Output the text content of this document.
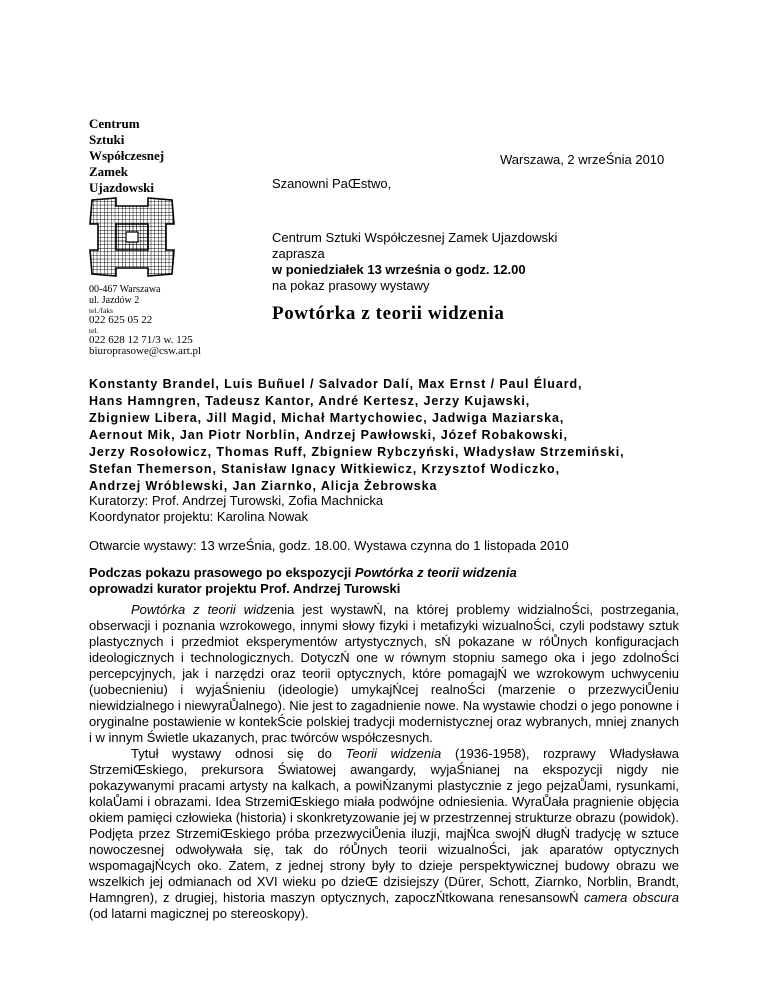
Centrum
Sztuki
Współczesnej
Zamek
Ujazdowski
00-467 Warszawa
ul. Jazdów 2
tel./faks
022 625 05 22
tel.
022 628 12 71/3 w. 125
biuroprasowe@csw.art.pl
Warszawa, 2 wrzeŚnia 2010
Szanowni PaŒstwo,
Centrum Sztuki Współczesnej Zamek Ujazdowski
zaprasza
w poniedziałek 13 września o godz. 12.00
na pokaz prasowy wystawy
Powtórka z teorii widzenia
Konstanty Brandel, Luis Buñuel / Salvador Dalí, Max Ernst / Paul Éluard,
Hans Hamngren, Tadeusz Kantor, André Kertesz, Jerzy Kujawski,
Zbigniew Libera, Jill Magid, Michał Martychowiec, Jadwiga Maziarska,
Aernout Mik, Jan Piotr Norblin, Andrzej Pawłowski, Józef Robakowski,
Jerzy Rosołowicz, Thomas Ruff, Zbigniew Rybczyński, Władysław Strzemiński,
Stefan Themerson, Stanisław Ignacy Witkiewicz, Krzysztof Wodiczko,
Andrzej Wróblewski, Jan Ziarnko, Alicja Żebrowska
Kuratorzy: Prof. Andrzej Turowski, Zofia Machnicka
Koordynator projektu: Karolina Nowak
Otwarcie wystawy: 13 wrzeŚnia, godz. 18.00. Wystawa czynna do 1 listopada 2010
Podczas pokazu prasowego po ekspozycji Powtórka z teorii widzenia
oprowadzi kurator projektu Prof. Andrzej Turowski

Powtórka z teorii widzenia jest wystawŃ, na której problemy widzialnoŚci, postrzegania, obserwacji i poznania wzrokowego, innymi słowy fizyki i metafizyki wizualnoŚci, czyli podstawy sztuk plastycznych i przedmiot eksperymentów artystycznych, sŃ pokazane w róŮnych konfiguracjach ideologicznych i technologicznych. DotyczŃ one w równym stopniu samego oka i jego zdolnoŚci percepcyjnych, jak i narzędzi oraz teorii optycznych, które pomagajŃ we wzrokowym uchwyceniu (uobecnieniu) i wyjaŚnieniu (ideologie) umykajŃcej realnoŚci (marzenie o przezwyciŮeniu niewidzialnego i niewyraŮalnego). Nie jest to zagadnienie nowe. Na wystawie chodzi o jego ponowne i oryginalne postawienie w kontekŚcie polskiej tradycji modernistycznej oraz wybranych, mniej znanych i w innym Świetle ukazanych, prac twórców współczesnych.

Tytuł wystawy odnosi się do Teorii widzenia (1936-1958), rozprawy Władysława StrzemiŒskiego, prekursora Światowej awangardy, wyjaŚnianej na ekspozycji nigdy nie pokazywanymi pracami artysty na kalkach, a powiŃzanymi plastycznie z jego pejzaŮami, rysunkami, kolaŮami i obrazami. Idea StrzemiŒskiego miała podwójne odniesienia. WyraŮała pragnienie objęcia okiem pamięci człowieka (historia) i skonkretyzowanie jej w przestrzennej strukturze obrazu (powidok). Podjęta przez StrzemiŒskiego próba przezwyciŮenia iluzji, majŃca swojŃ długŃ tradycję w sztuce nowoczesnej odwoływała się, tak do róŮnych teorii wizualnoŚci, jak aparatów optycznych wspomagajŃcych oko. Zatem, z jednej strony były to dzieje perspektywicznej budowy obrazu we wszelkich jej odmianach od XVI wieku po dzieŒ dzisiejszy (Dürer, Schott, Ziarnko, Norblin, Brandt, Hamngren), z drugiej, historia maszyn optycznych, zapoczŃtkowana renesansowŃ camera obscura (od latarni magicznej po stereoskopy).
